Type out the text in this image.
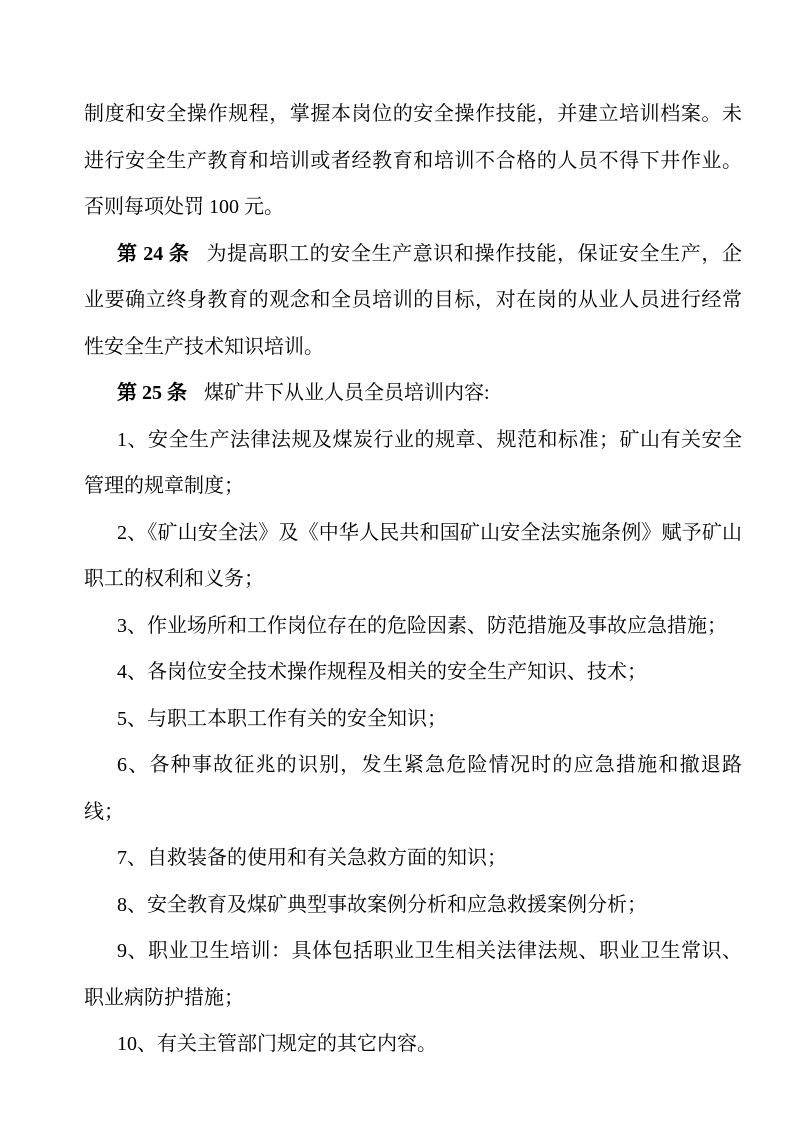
制度和安全操作规程，掌握本岗位的安全操作技能，并建立培训档案。未进行安全生产教育和培训或者经教育和培训不合格的人员不得下井作业。否则每项处罚 100 元。

第 24 条 为提高职工的安全生产意识和操作技能，保证安全生产，企业要确立终身教育的观念和全员培训的目标，对在岗的从业人员进行经常性安全生产技术知识培训。

第 25 条 煤矿井下从业人员全员培训内容:

1、安全生产法律法规及煤炭行业的规章、规范和标准；矿山有关安全管理的规章制度；

2、《矿山安全法》及《中华人民共和国矿山安全法实施条例》赋予矿山职工的权利和义务；

3、作业场所和工作岗位存在的危险因素、防范措施及事故应急措施；

4、各岗位安全技术操作规程及相关的安全生产知识、技术；

5、与职工本职工作有关的安全知识；

6、各种事故征兆的识别，发生紧急危险情况时的应急措施和撤退路线；

7、自救装备的使用和有关急救方面的知识；

8、安全教育及煤矿典型事故案例分析和应急救援案例分析；

9、职业卫生培训：具体包括职业卫生相关法律法规、职业卫生常识、职业病防护措施；

10、有关主管部门规定的其它内容。
